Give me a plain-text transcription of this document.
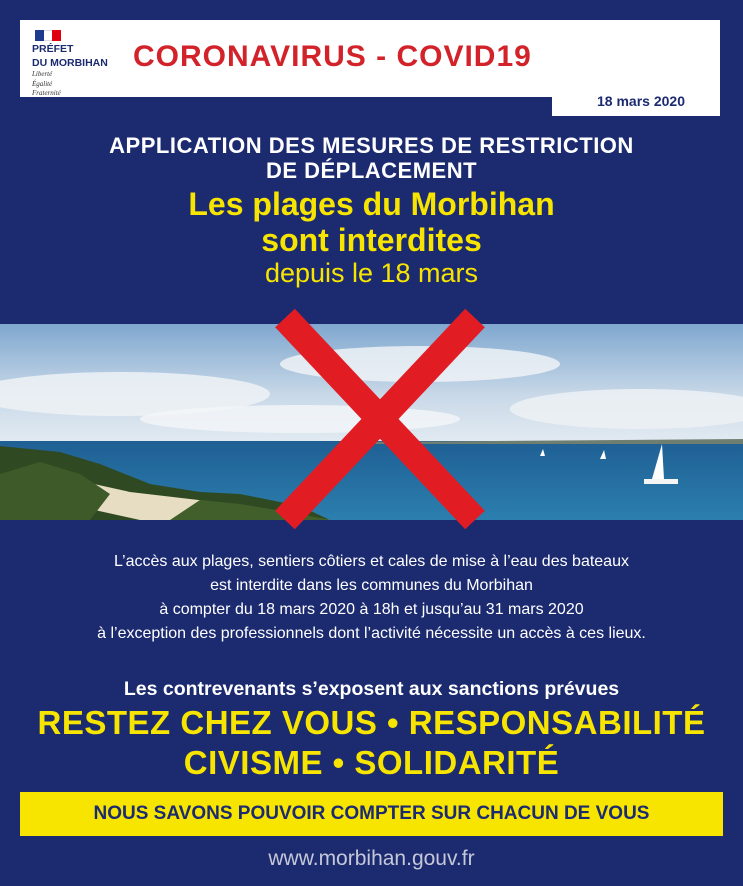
PRÉFET
DU MORBIHAN
Liberté
Égalité
Fraternité
CORONAVIRUS - COVID19
18 mars 2020
APPLICATION DES MESURES DE RESTRICTION
DE DÉPLACEMENT
Les plages du Morbihan
sont interdites
depuis le 18 mars
L’accès aux plages, sentiers côtiers et cales de mise à l’eau des bateaux
est interdite dans les communes du Morbihan
à compter du 18 mars 2020 à 18h et jusqu’au 31 mars 2020
à l’exception des professionnels dont l’activité nécessite un accès à ces lieux.
Les contrevenants s’exposent aux sanctions prévues
RESTEZ CHEZ VOUS • RESPONSABILITÉ
CIVISME • SOLIDARITÉ
NOUS SAVONS POUVOIR COMPTER SUR CHACUN DE VOUS
www.morbihan.gouv.fr
